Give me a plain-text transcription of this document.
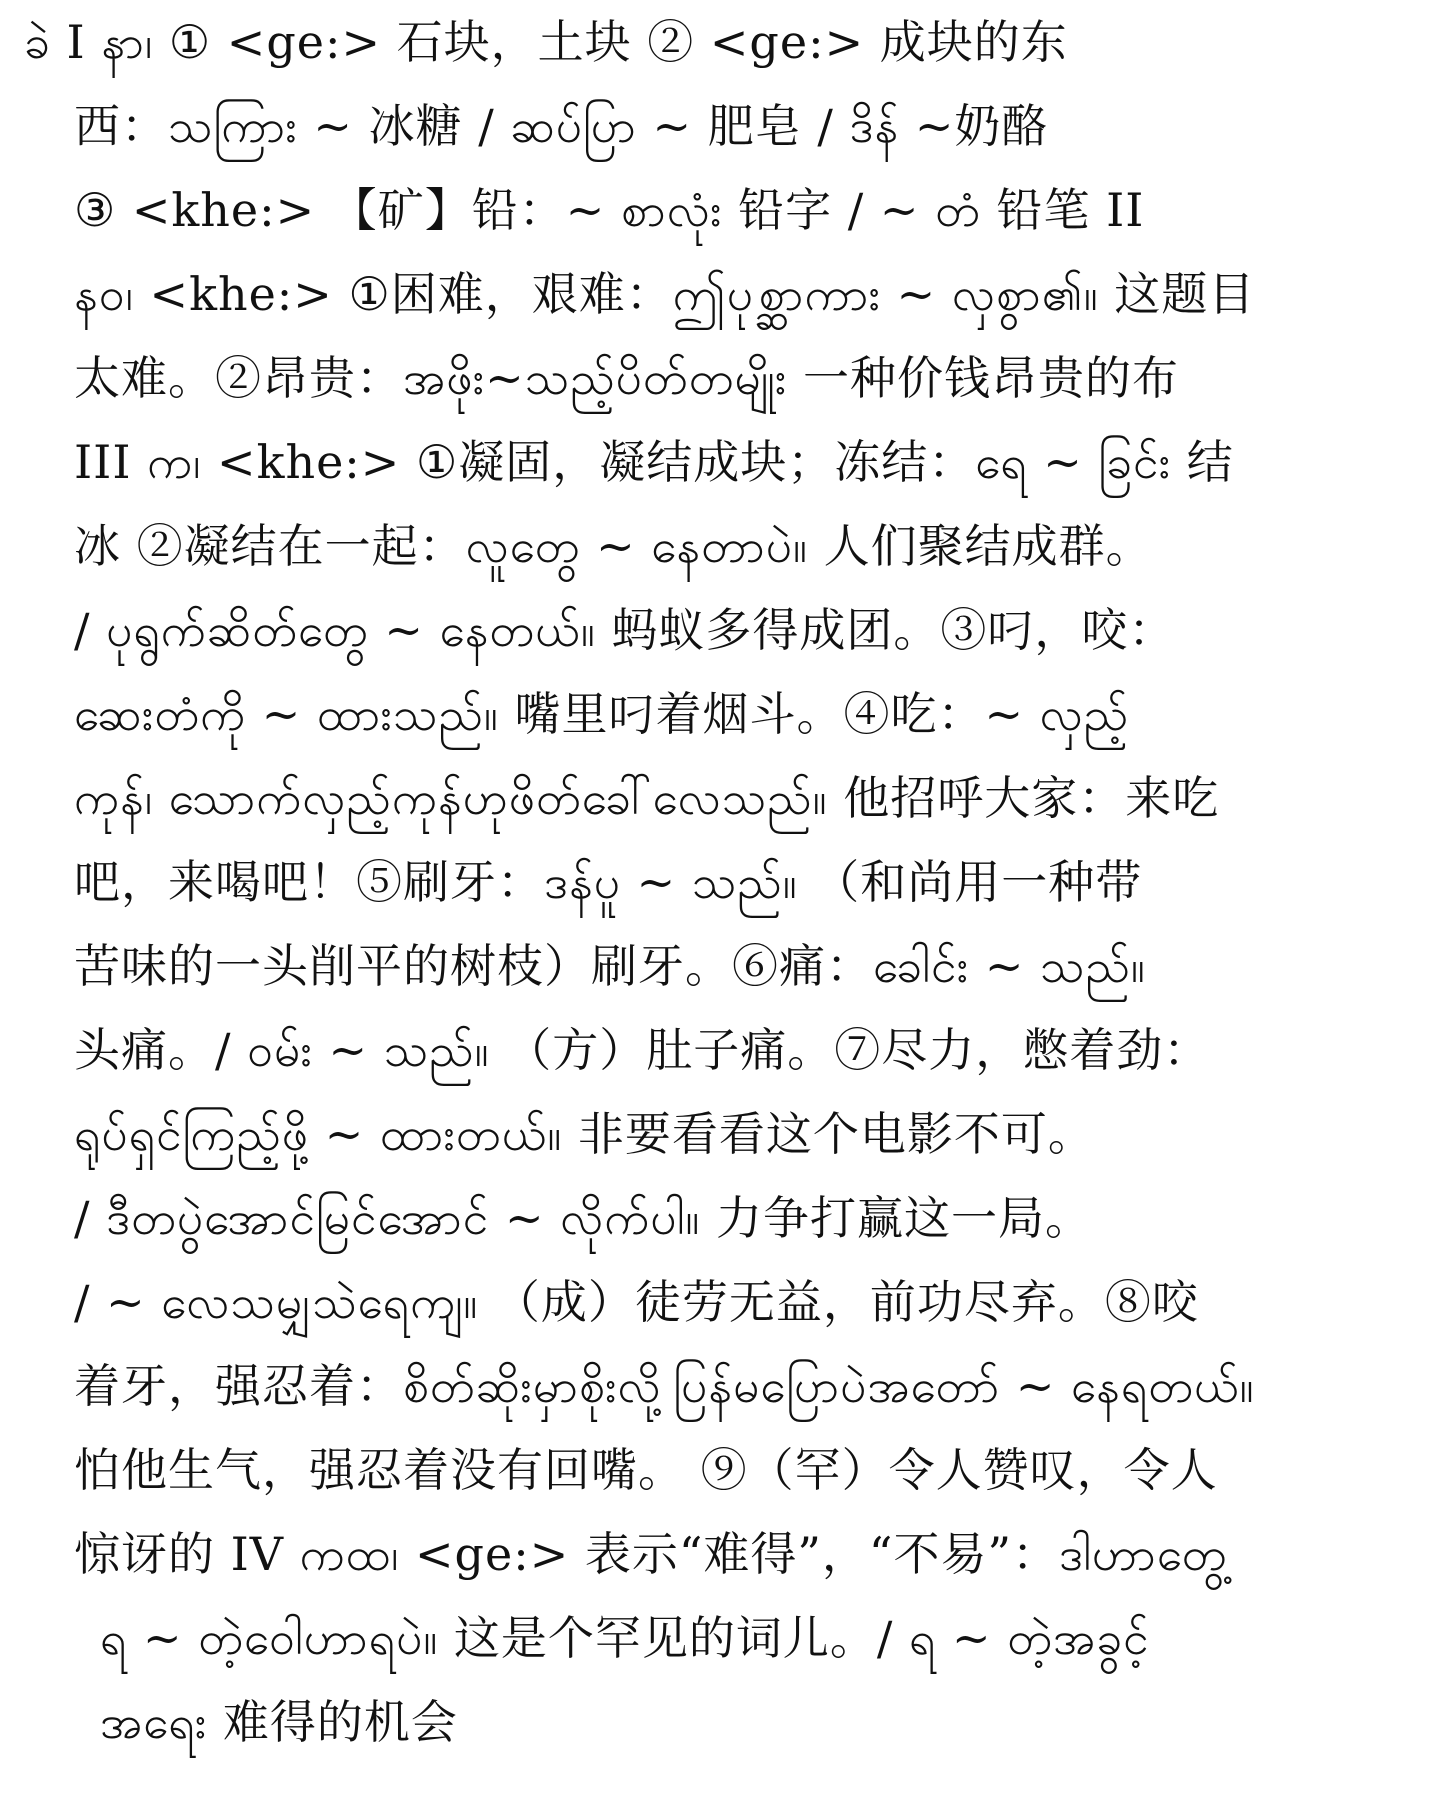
ခဲ I နာ၊ ① <ge:> 石块，土块 ② <ge:> 成块的东
西：သကြား ~ 冰糖 / ဆပ်ပြာ ~ 肥皂 / ဒိန် ~奶酪
③ <khe:> 【矿】铅：~ စာလုံး 铅字 / ~ တံ 铅笔 II
နဝ၊ <khe:> ①困难，艰难：ဤပုစ္ဆာကား ~ လှစွာ၏။ 这题目
太难。②昂贵：အဖိုး~သည့်ပိတ်တမျိုး 一种价钱昂贵的布
III က၊ <khe:> ①凝固，凝结成块；冻结：ရေ ~ ခြင်း 结
冰 ②凝结在一起：လူတွေ ~ နေတာပဲ။ 人们聚结成群。
/ ပုရွက်ဆိတ်တွေ ~ နေတယ်။ 蚂蚁多得成团。③叼，咬：
ဆေးတံကို ~ ထားသည်။ 嘴里叼着烟斗。④吃：~ လှည့်
ကုန်၊ သောက်လှည့်ကုန်ဟုဖိတ်ခေါ်လေသည်။ 他招呼大家：来吃
吧，来喝吧！⑤刷牙：ဒန်ပူ ~ သည်။ （和尚用一种带
苦味的一头削平的树枝）刷牙。⑥痛：ခေါင်း ~ သည်။
头痛。/ ဝမ်း ~ သည်။ （方）肚子痛。⑦尽力，憋着劲：
ရုပ်ရှင်ကြည့်ဖို့ ~ ထားတယ်။ 非要看看这个电影不可。
/ ဒီတပွဲအောင်မြင်အောင် ~ လိုက်ပါ။ 力争打赢这一局。
/ ~ လေသမျှသဲရေကျ။ （成）徒劳无益，前功尽弃。⑧咬
着牙，强忍着：စိတ်ဆိုးမှာစိုးလို့ပြန်မပြောပဲအတော် ~ နေရတယ်။
怕他生气，强忍着没有回嘴。 ⑨（罕）令人赞叹，令人
惊讶的 IV ကထ၊ <ge:> 表示“难得”，“不易”：ဒါဟာတွေ့
ရ ~ တဲ့ဝေါဟာရပဲ။ 这是个罕见的词儿。/ ရ ~ တဲ့အခွင့်
အရေး 难得的机会
